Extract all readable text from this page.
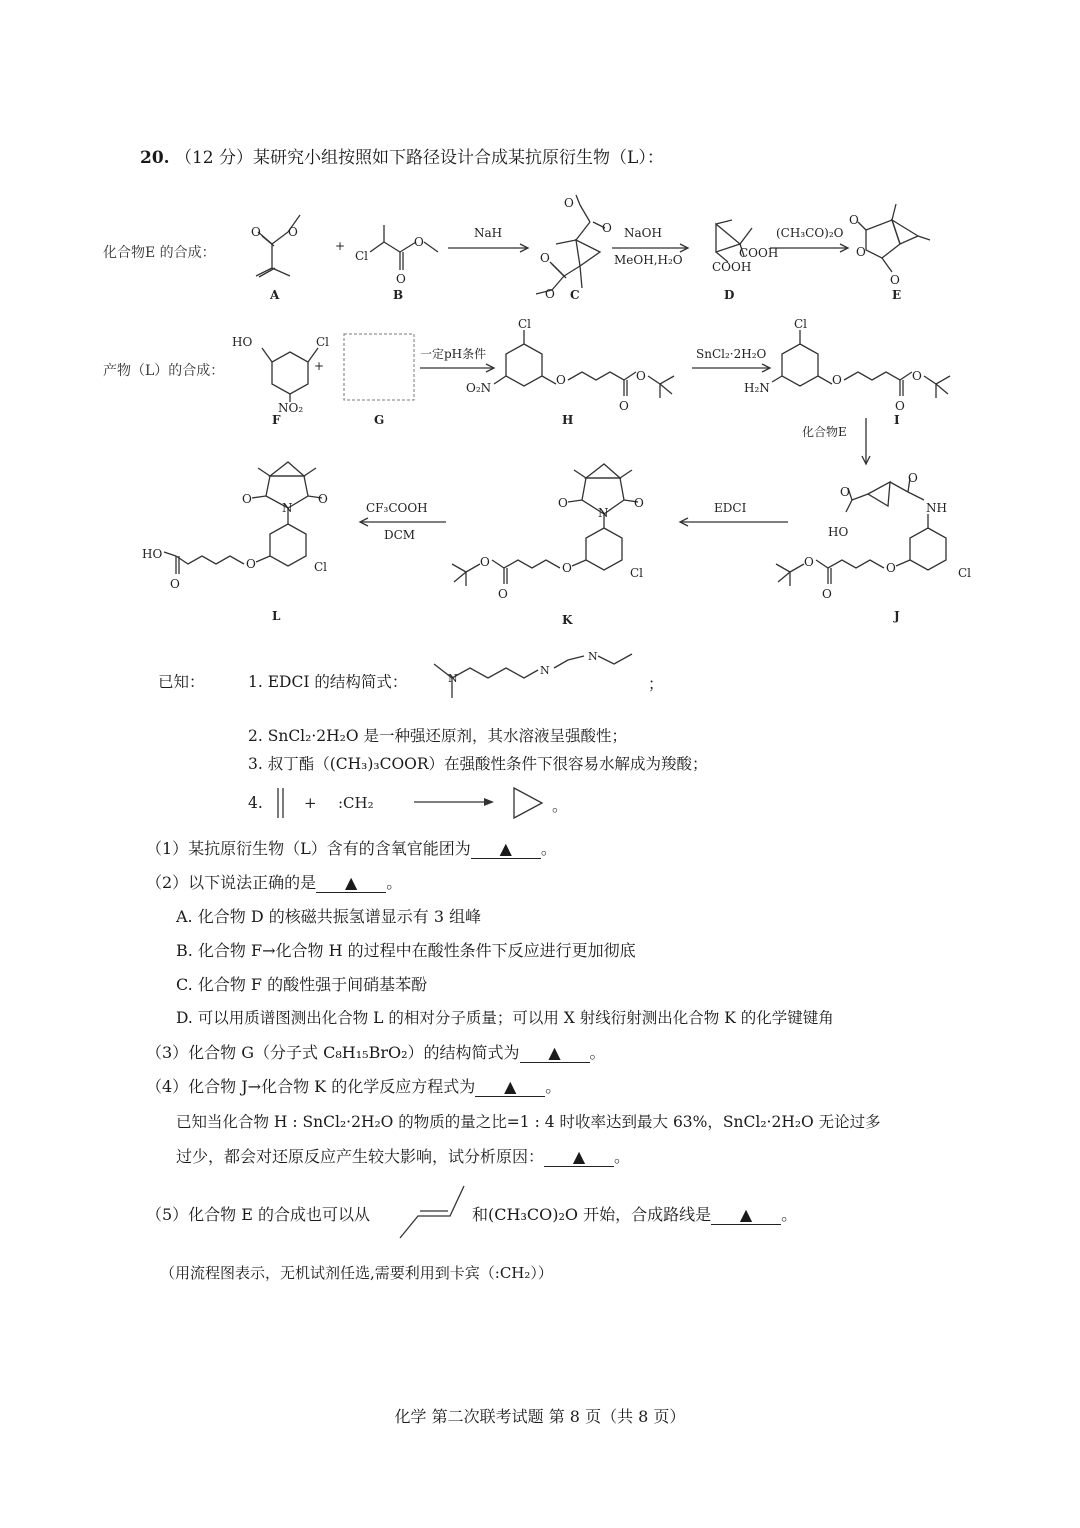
20. （12 分）某研究小组按照如下路径设计合成某抗原衍生物（L）：
化合物E 的合成：
产物（L）的合成：
O O
A
+
Cl
O
O
B
NaH
O
O
O
O C
NaOH
MeOH,H₂O	COOH
COOH
D
(CH₃CO)₂O
O
O
O
E
HO	Cl
NO₂
+
F	G
一定pH条件
Cl
O₂N
O	O
O
H
SnCl₂·2H₂O
Cl
H₂N
O	O
O
I
化合物E
O
HO
O
NH
Cl
O
O
O
J
EDCI
O	O
N
Cl
O
O
O
K
CF₃COOH
DCM
O	O
N
Cl
O
HO
O
L
已知：	1. EDCI 的结构简式：	N
N
N
；
2. SnCl₂·2H₂O 是一种强还原剂，其水溶液呈强酸性；
3. 叔丁酯（(CH₃)₃COOR）在强酸性条件下很容易水解成为羧酸；
4.	+ :CH₂	。
（1）某抗原衍生物（L）含有的含氧官能团为 ▲ 。
（2）以下说法正确的是 ▲ 。
A. 化合物 D 的核磁共振氢谱显示有 3 组峰
B. 化合物 F→化合物 H 的过程中在酸性条件下反应进行更加彻底
C. 化合物 F 的酸性强于间硝基苯酚
D. 可以用质谱图测出化合物 L 的相对分子质量；可以用 X 射线衍射测出化合物 K 的化学键键角
（3）化合物 G（分子式 C₈H₁₅BrO₂）的结构简式为 ▲ 。
（4）化合物 J→化合物 K 的化学反应方程式为 ▲ 。
已知当化合物 H : SnCl₂·2H₂O 的物质的量之比=1 : 4 时收率达到最大 63%，SnCl₂·2H₂O 无论过多
过少，都会对还原反应产生较大影响，试分析原因： ▲ 。
（5）化合物 E 的合成也可以从	和(CH₃CO)₂O 开始，合成路线是 ▲ 。
（用流程图表示，无机试剂任选,需要利用到卡宾（:CH₂））
化学 第二次联考试题 第 8 页（共 8 页）
